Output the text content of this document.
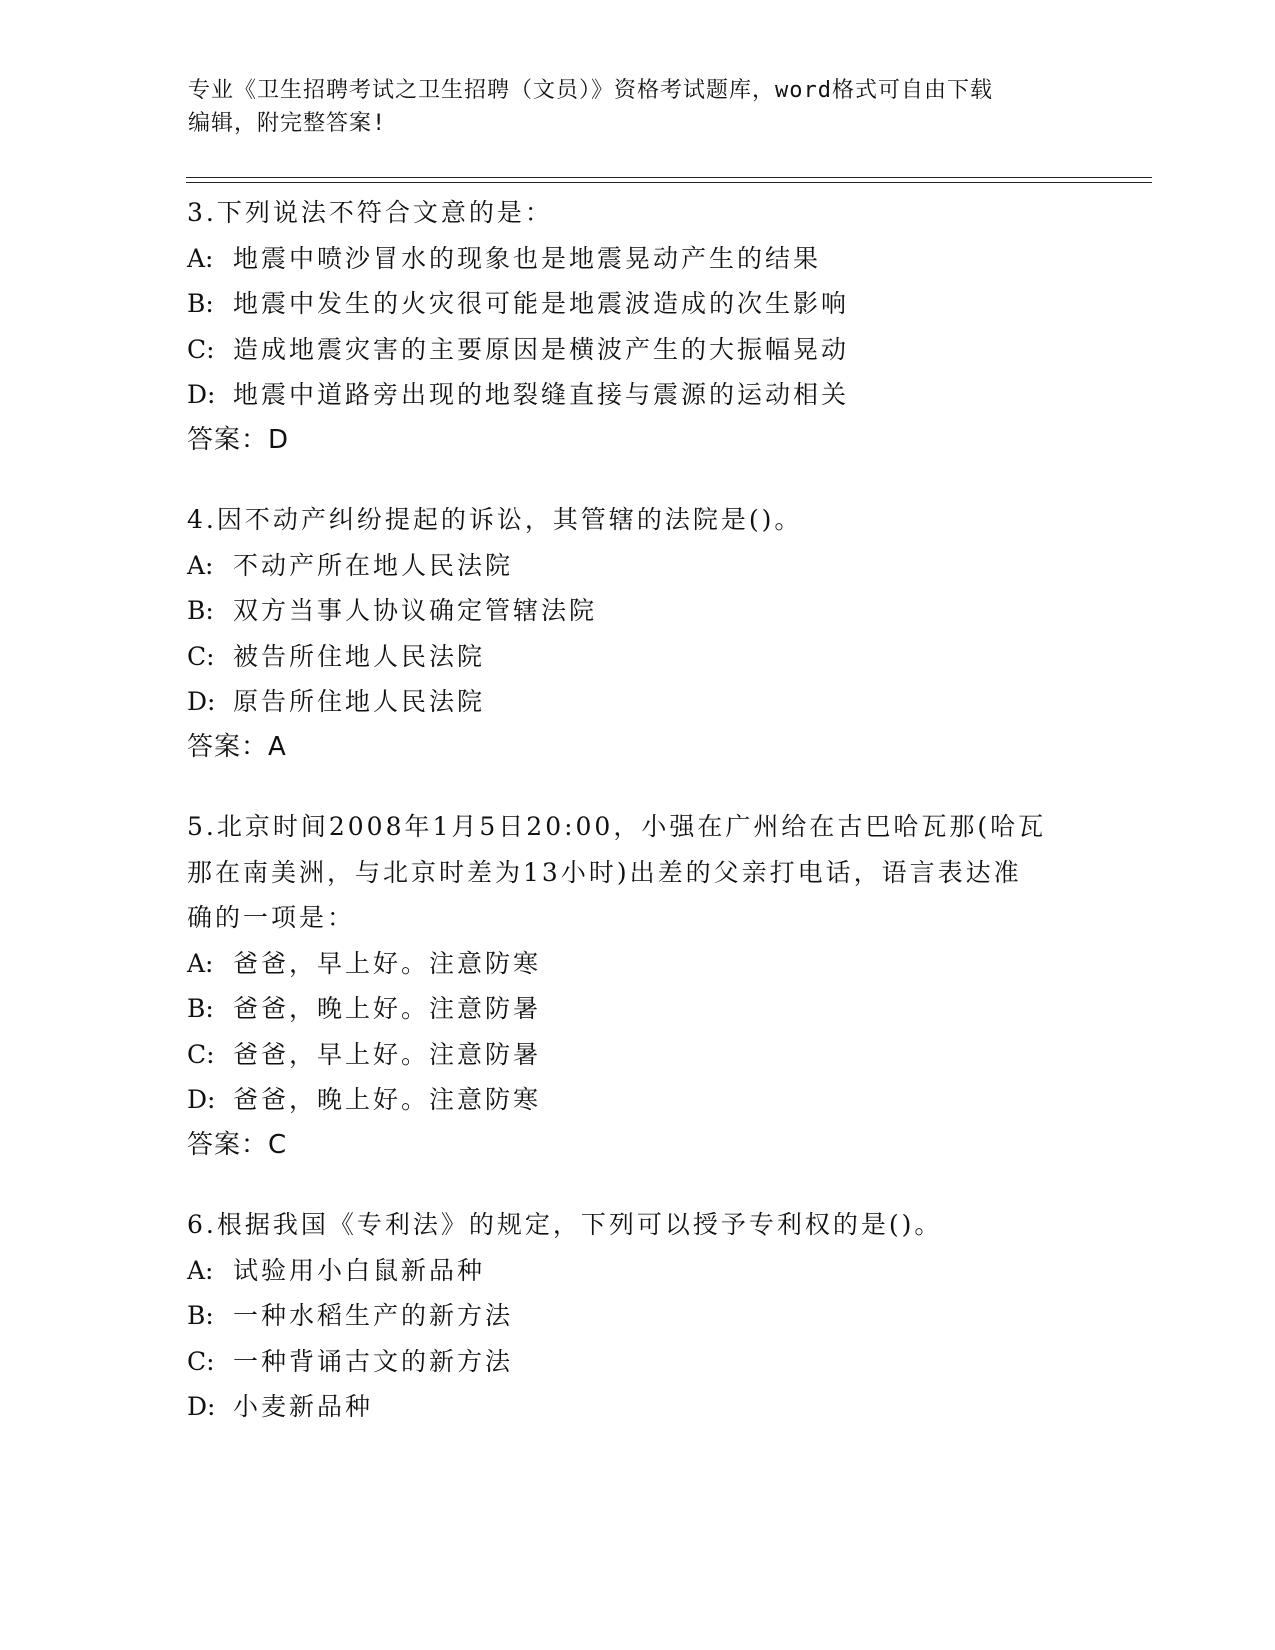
专业《卫生招聘考试之卫生招聘（文员）》资格考试题库，word格式可自由下载
编辑，附完整答案!
3.下列说法不符合文意的是：
A: 地震中喷沙冒水的现象也是地震晃动产生的结果
B: 地震中发生的火灾很可能是地震波造成的次生影响
C: 造成地震灾害的主要原因是横波产生的大振幅晃动
D: 地震中道路旁出现的地裂缝直接与震源的运动相关
答案：D
4.因不动产纠纷提起的诉讼，其管辖的法院是()。
A: 不动产所在地人民法院
B: 双方当事人协议确定管辖法院
C: 被告所住地人民法院
D: 原告所住地人民法院
答案：A
5.北京时间2008年1月5日20:00，小强在广州给在古巴哈瓦那(哈瓦
那在南美洲，与北京时差为13小时)出差的父亲打电话，语言表达准
确的一项是：
A: 爸爸，早上好。注意防寒
B: 爸爸，晚上好。注意防暑
C: 爸爸，早上好。注意防暑
D: 爸爸，晚上好。注意防寒
答案：C
6.根据我国《专利法》的规定，下列可以授予专利权的是()。
A: 试验用小白鼠新品种
B: 一种水稻生产的新方法
C: 一种背诵古文的新方法
D: 小麦新品种
